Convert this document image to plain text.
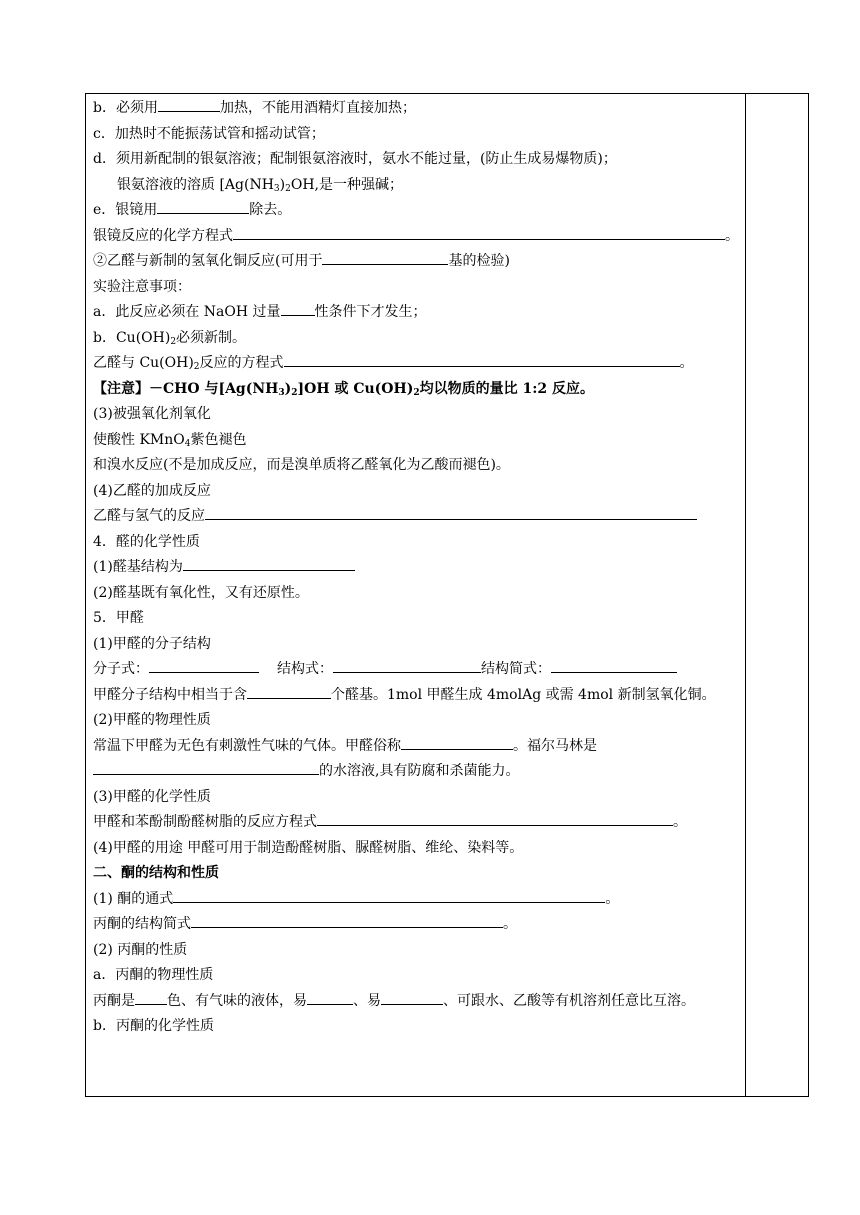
b．必须用	加热，不能用酒精灯直接加热；
c．加热时不能振荡试管和摇动试管；
d．须用新配制的银氨溶液；配制银氨溶液时，氨水不能过量，(防止生成易爆物质)；
银氨溶液的溶质 [$Ag(NH_3)_2OH$,是一种强碱；
e．银镜用	除去。
银镜反应的化学方程式	。
②乙醛与新制的氢氧化铜反应(可用于	基的检验)
实验注意事项：
a．此反应必须在 NaOH 过量 性条件下才发生；
b．$Cu(OH)_2$必须新制。
乙醛与 $Cu(OH)_2$反应的方程式	。
【注意】－CHO 与$[Ag(NH_3)_2]OH$ 或 $Cu(OH)_2$均以物质的量比 1:2 反应。
(3)被强氧化剂氧化
使酸性 KMnO$_4$紫色褪色
和溴水反应(不是加成反应，而是溴单质将乙醛氧化为乙酸而褪色)。
(4)乙醛的加成反应
乙醛与氢气的反应
4．醛的化学性质
(1)醛基结构为
(2)醛基既有氧化性，又有还原性。
5．甲醛
(1)甲醛的分子结构
分子式：	结构式：	结构简式：
甲醛分子结构中相当于含	个醛基。1mol 甲醛生成 4molAg 或需 4mol 新制氢氧化铜。
(2)甲醛的物理性质
常温下甲醛为无色有刺激性气味的气体。甲醛俗称	。福尔马林是
的水溶液,具有防腐和杀菌能力。
(3)甲醛的化学性质
甲醛和苯酚制酚醛树脂的反应方程式	。
(4)甲醛的用途 甲醛可用于制造酚醛树脂、脲醛树脂、维纶、染料等。
二、酮的结构和性质
(1) 酮的通式	。
丙酮的结构简式	。
(2) 丙酮的性质
a．丙酮的物理性质
丙酮是 色、有气味的液体，易	、易	、可跟水、乙酸等有机溶剂任意比互溶。
b．丙酮的化学性质
